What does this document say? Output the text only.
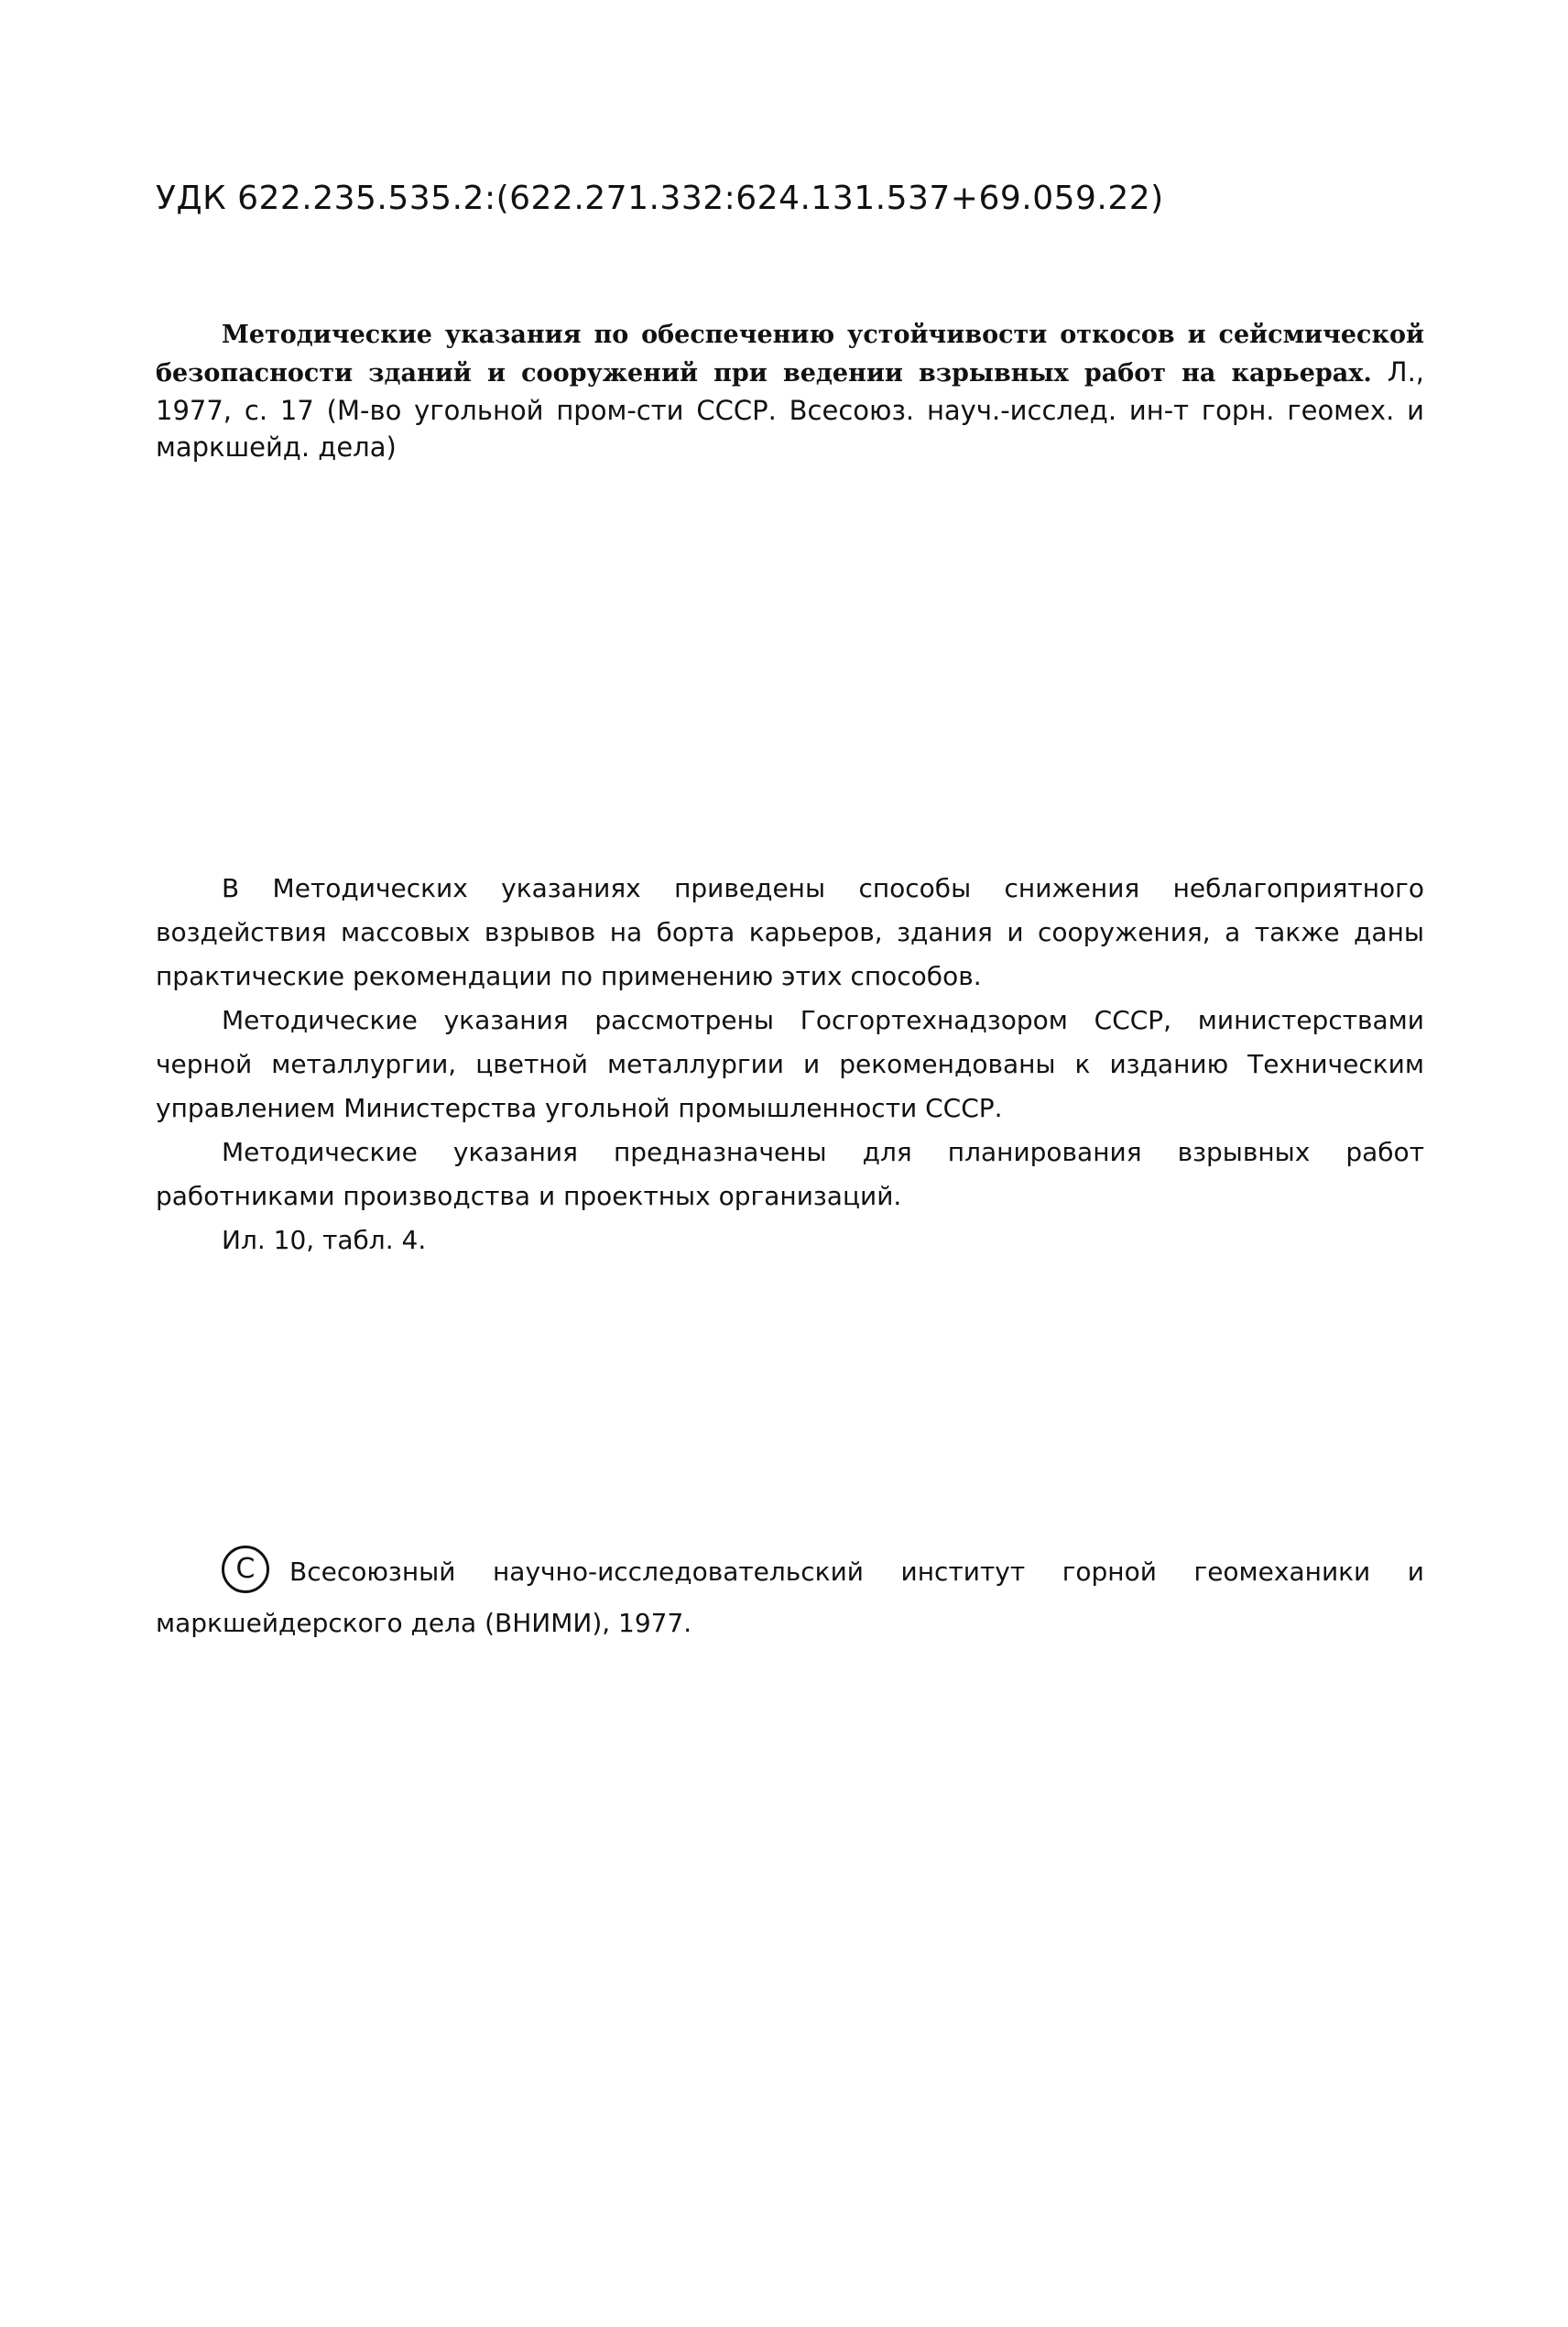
УДК 622.235.535.2:(622.271.332:624.131.537+69.059.22)
Методические указания по обеспечению устойчивости откосов и сейсмической безопасности зданий и сооружений при ведении взрывных работ на карьерах. Л., 1977, с. 17 (М-во угольной пром-сти СССР. Всесоюз. науч.-исслед. ин-т горн. геомех. и маркшейд. дела)

В Методических указаниях приведены способы снижения неблагоприятного воздействия массовых взрывов на борта карьеров, здания и сооружения, а также даны практические рекомендации по применению этих способов.

Методические указания рассмотрены Госгортехнадзором СССР, министерствами черной металлургии, цветной металлургии и рекомендованы к изданию Техническим управлением Министерства угольной промышленности СССР.

Методические указания предназначены для планирования взрывных работ работниками производства и проектных организаций.

Ил. 10, табл. 4.

С Всесоюзный научно-исследовательский институт горной геомеханики и маркшейдерского дела (ВНИМИ), 1977.
